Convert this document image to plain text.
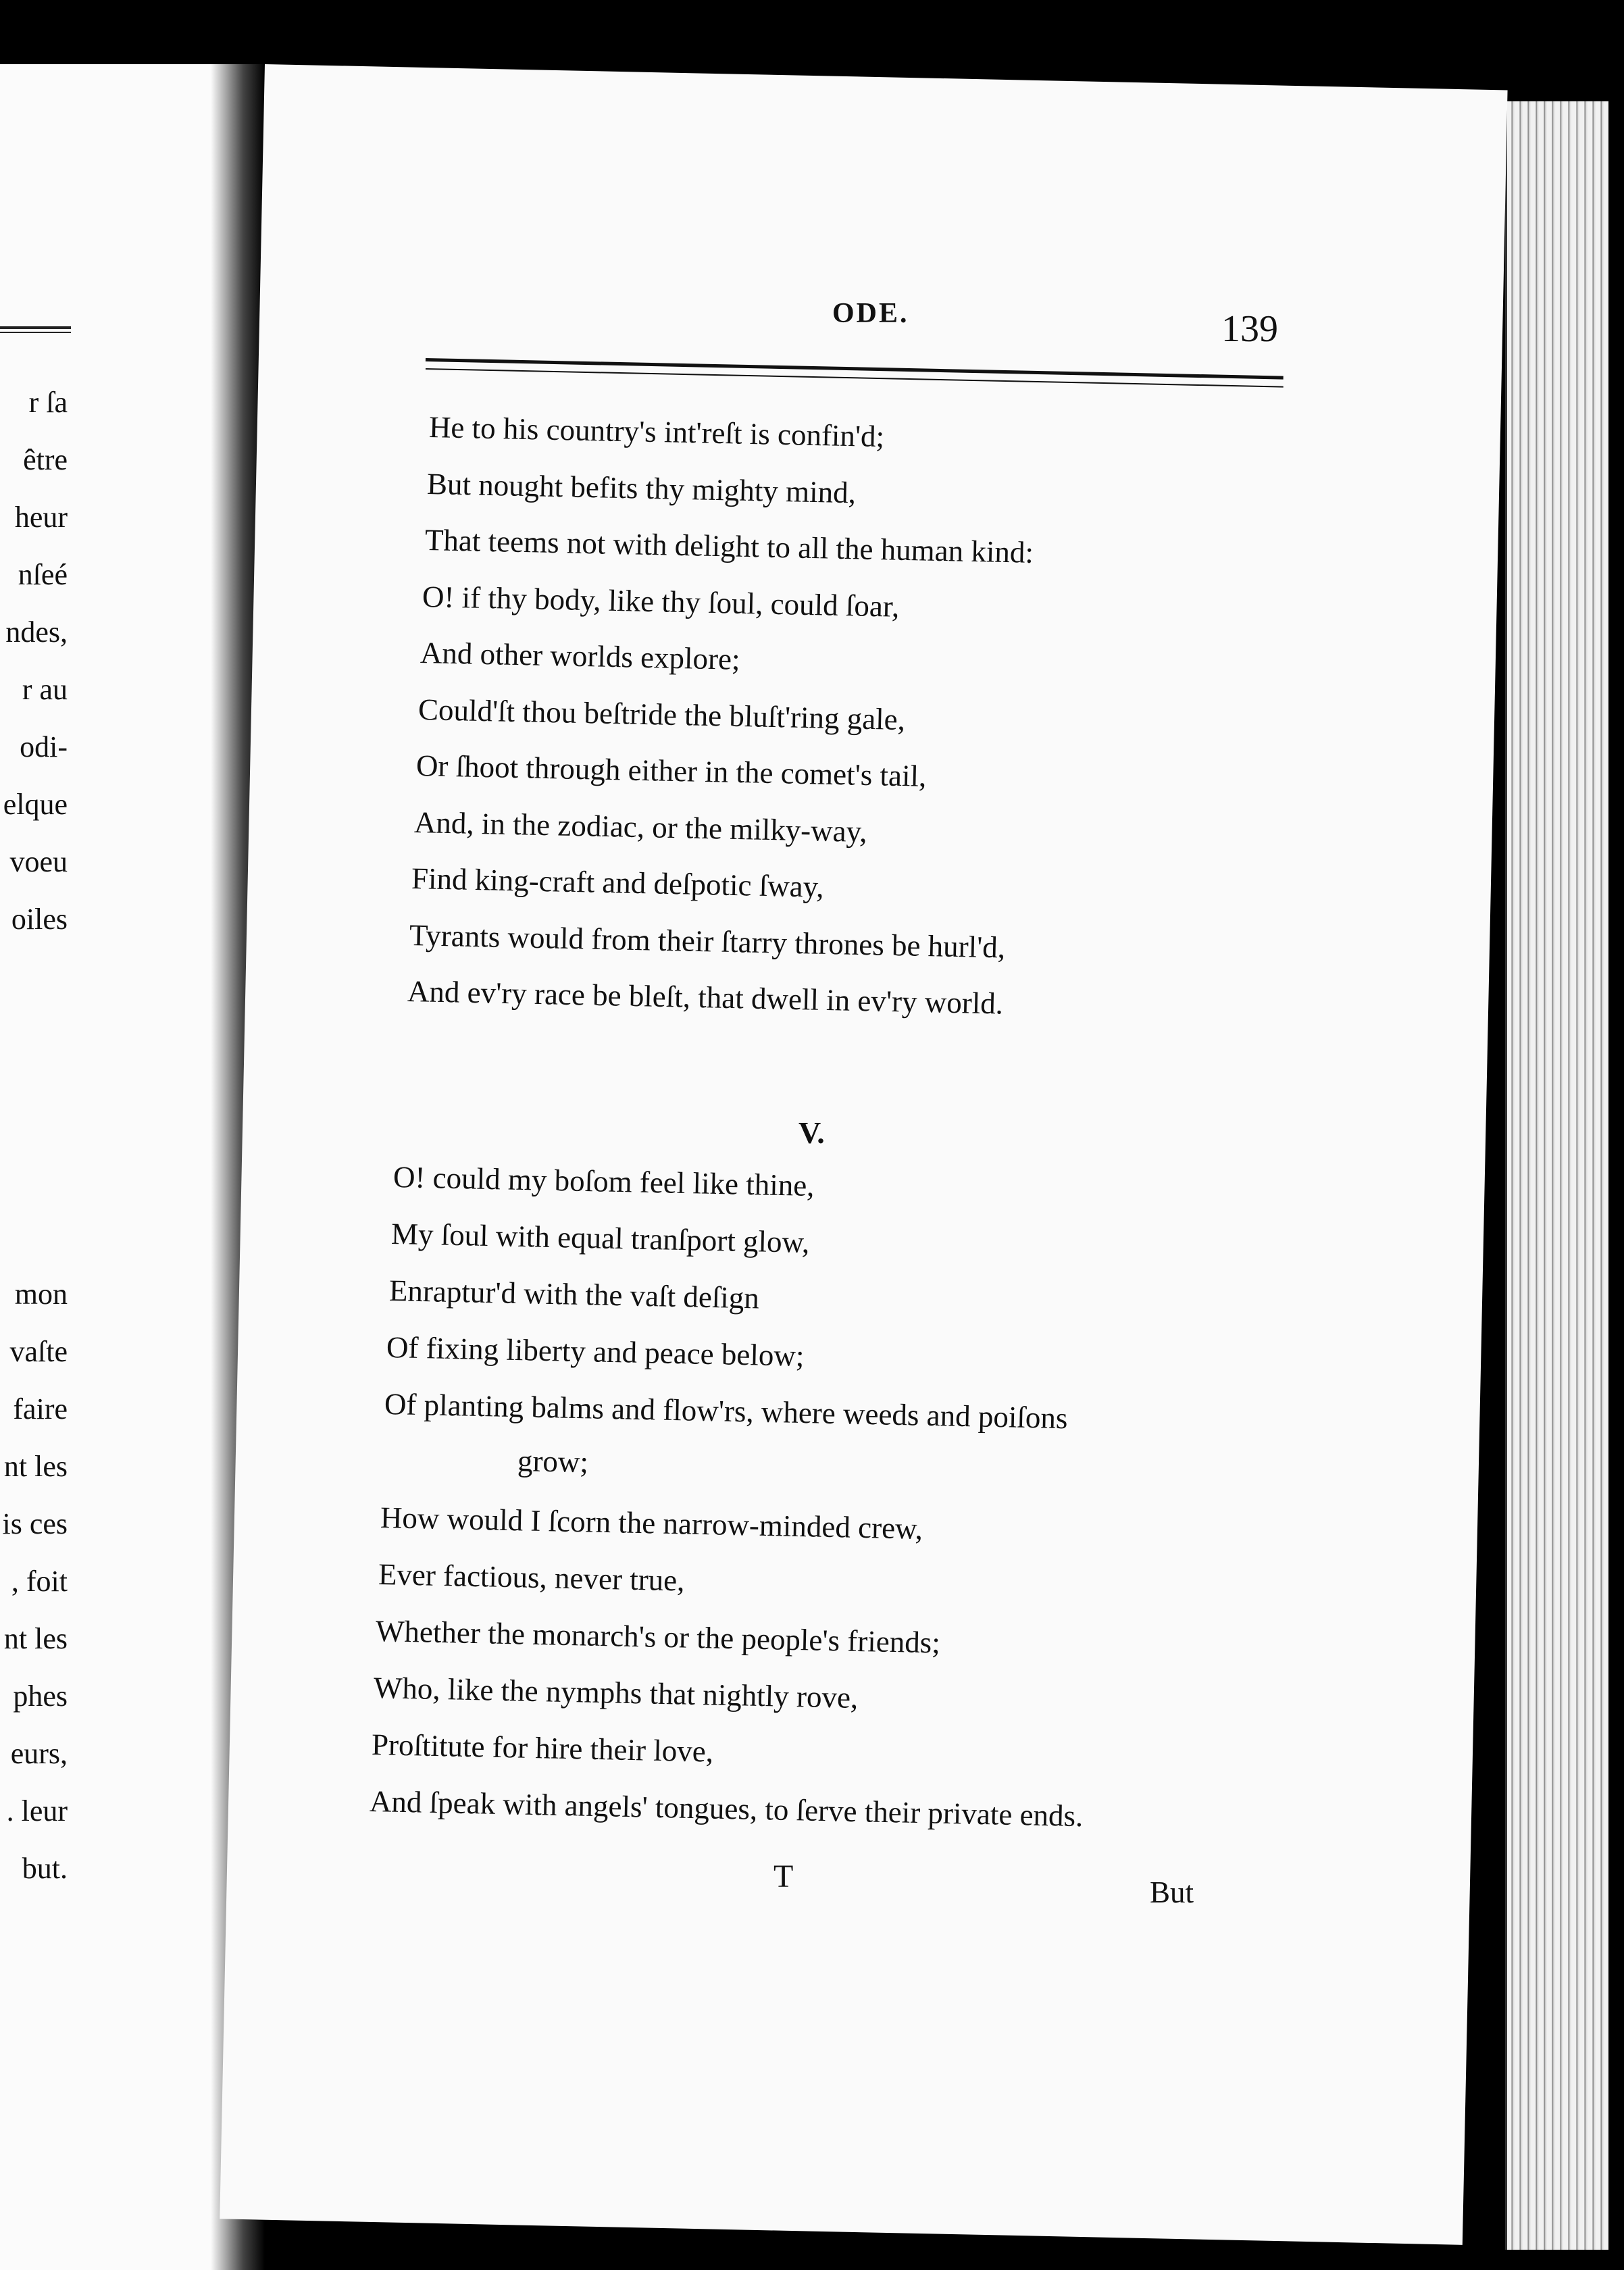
r ſa
être
heur
nſeé
ndes,
r au
odi-
elque
voeu
oiles
mon
vaſte
faire
nt les
is ces
, foit
nt les
phes
eurs,
. leur
but.
ODE.	139
He to his country's int'reſt is confin'd;
But nought befits thy mighty mind,
That teems not with delight to all the human kind:
O! if thy body, like thy ſoul, could ſoar,
And other worlds explore;
Could'ſt thou beſtride the bluſt'ring gale,
Or ſhoot through either in the comet's tail,
And, in the zodiac, or the milky-way,
Find king-craft and deſpotic ſway,
Tyrants would from their ſtarry thrones be hurl'd,
And ev'ry race be bleſt, that dwell in ev'ry world.
V.
O! could my boſom feel like thine,
My ſoul with equal tranſport glow,
Enraptur'd with the vaſt deſign
Of fixing liberty and peace below;
Of planting balms and flow'rs, where weeds and poiſons
grow;
How would I ſcorn the narrow-minded crew,
Ever factious, never true,
Whether the monarch's or the people's friends;
Who, like the nymphs that nightly rove,
Proſtitute for hire their love,
And ſpeak with angels' tongues, to ſerve their private ends.
T	But
